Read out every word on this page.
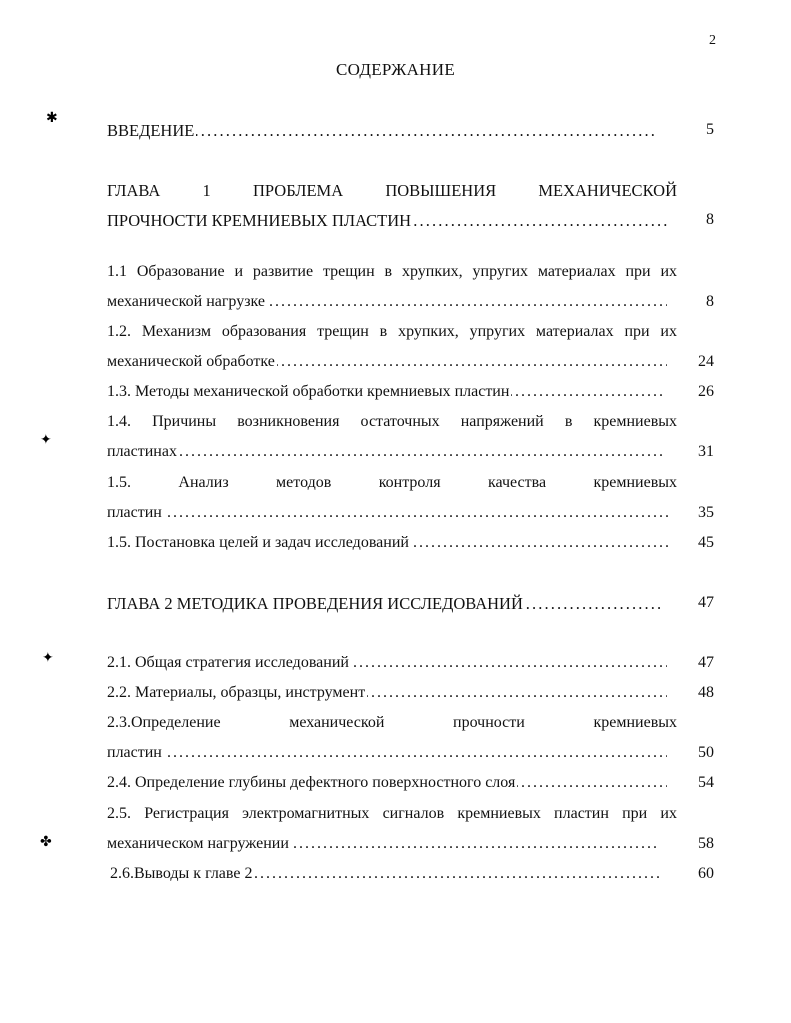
2
СОДЕРЖАНИЕ
✱
✦
✦
✤
ВВЕДЕНИЕ . . .	5
ГЛАВА 1 ПРОБЛЕМА ПОВЫШЕНИЯ МЕХАНИЧЕСКОЙ
ПРОЧНОСТИ КРЕМНИЕВЫХ ПЛАСТИН . . .	8
1.1 Образование и развитие трещин в хрупких, упругих материалах при их
механической нагрузке . . .	8
1.2. Механизм образования трещин в хрупких, упругих материалах при их
механической обработке . . .	24
1.3. Методы механической обработки кремниевых пластин . . .	26
1.4. Причины возникновения остаточных напряжений в кремниевых
пластинах . . .	31
1.5. Анализ методов контроля качества кремниевых
пластин . . .	35
1.5. Постановка целей и задач исследований . . .	45
ГЛАВА 2 МЕТОДИКА ПРОВЕДЕНИЯ ИССЛЕДОВАНИЙ . . .	47
2.1. Общая стратегия исследований . . .	47
2.2. Материалы, образцы, инструмент . . .	48
2.3.Определение механической прочности кремниевых
пластин . . .	50
2.4. Определение глубины дефектного поверхностного слоя . . .	54
2.5. Регистрация электромагнитных сигналов кремниевых пластин при их
механическом нагружении . . .	58
2.6.Выводы к главе 2 . . .	60
